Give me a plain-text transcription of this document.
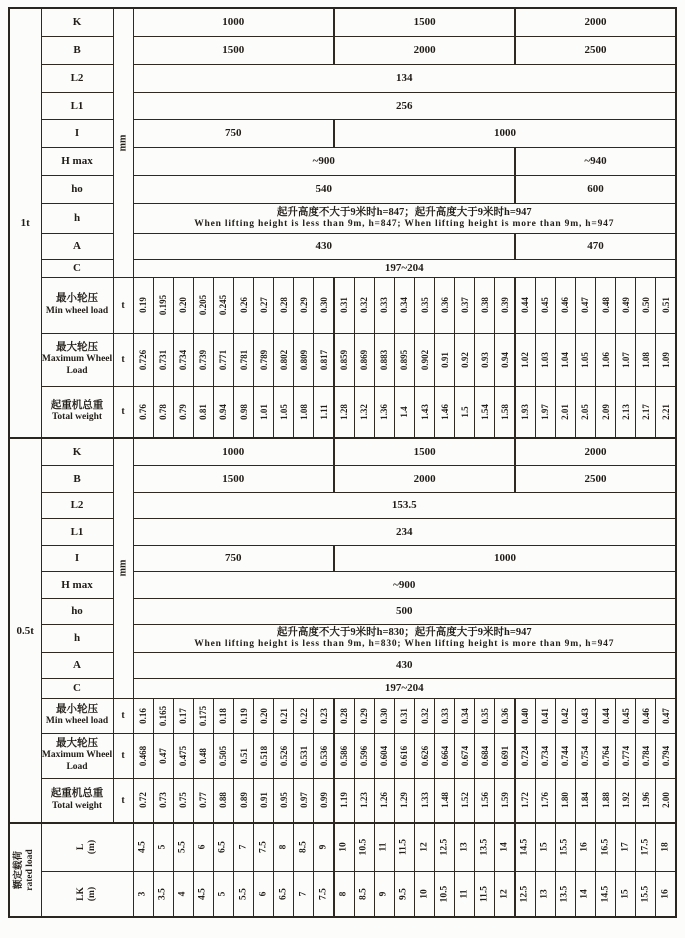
1t	K	mm	1000										1500									2000							
	B		1500										2000									2500							
	L2		134																										
	L1		256																										
	I		750										1000																
	H max		~900																			~940							
	ho		540																			600							
	h		起升高度不大于9米时h=847；起升高度大于9米时h=947
When lifting height is less than 9m, h=847; When lifting height is more than 9m, h=947																										

	A		430																			470							
	C		197~204																										

	最小轮压
Min wheel load	t	0.19	0.195	0.20	0.205	0.245	0.26	0.27	0.28	0.29	0.30	0.31	0.32	0.33	0.34	0.35	0.36	0.37	0.38	0.39	0.44	0.45	0.46	0.47	0.48	0.49	0.50	0.51

	最大轮压
Maximum Wheel Load	t	0.726	0.731	0.734	0.739	0.771	0.781	0.789	0.802	0.809	0.817	0.859	0.869	0.883	0.895	0.902	0.91	0.92	0.93	0.94	1.02	1.03	1.04	1.05	1.06	1.07	1.08	1.09

	起重机总重
Total weight	t	0.76	0.78	0.79	0.81	0.94	0.98	1.01	1.05	1.08	1.11	1.28	1.32	1.36	1.4	1.43	1.46	1.5	1.54	1.58	1.93	1.97	2.01	2.05	2.09	2.13	2.17	2.21

0.5t	K	mm	1000										1500									2000							
	B		1500										2000									2500							
	L2		153.5																										
	L1		234																										
	I		750										1000																
	H max		~900																										
	ho		500																										
	h		起升高度不大于9米时h=830；起升高度大于9米时h=947
When lifting height is less than 9m, h=830; When lifting height is more than 9m, h=947																										

	A		430																										
	C		197~204																										

	最小轮压
Min wheel load	t	0.16	0.165	0.17	0.175	0.18	0.19	0.20	0.21	0.22	0.23	0.28	0.29	0.30	0.31	0.32	0.33	0.34	0.35	0.36	0.40	0.41	0.42	0.43	0.44	0.45	0.46	0.47

	最大轮压
Maximum Wheel Load	t	0.468	0.47	0.475	0.48	0.505	0.51	0.518	0.526	0.531	0.536	0.586	0.596	0.604	0.616	0.626	0.664	0.674	0.684	0.691	0.724	0.734	0.744	0.754	0.764	0.774	0.784	0.794

	起重机总重
Total weight	t	0.72	0.73	0.75	0.77	0.88	0.89	0.91	0.95	0.97	0.99	1.19	1.23	1.26	1.29	1.33	1.48	1.52	1.56	1.59	1.72	1.76	1.80	1.84	1.88	1.92	1.96	2.00

额定载荷 rated load

L (m)	4.5	5	5.5	6	6.5	7	7.5	8	8.5	9	10	10.5	11	11.5	12	12.5	13	13.5	14	14.5	15	15.5	16	16.5	17	17.5	18

	LK (m)		3	3.5	4	4.5	5	5.5	6	6.5	7	7.5	8	8.5	9	9.5	10	10.5	11	11.5	12	12.5	13	13.5	14	14.5	15	15.5	16
